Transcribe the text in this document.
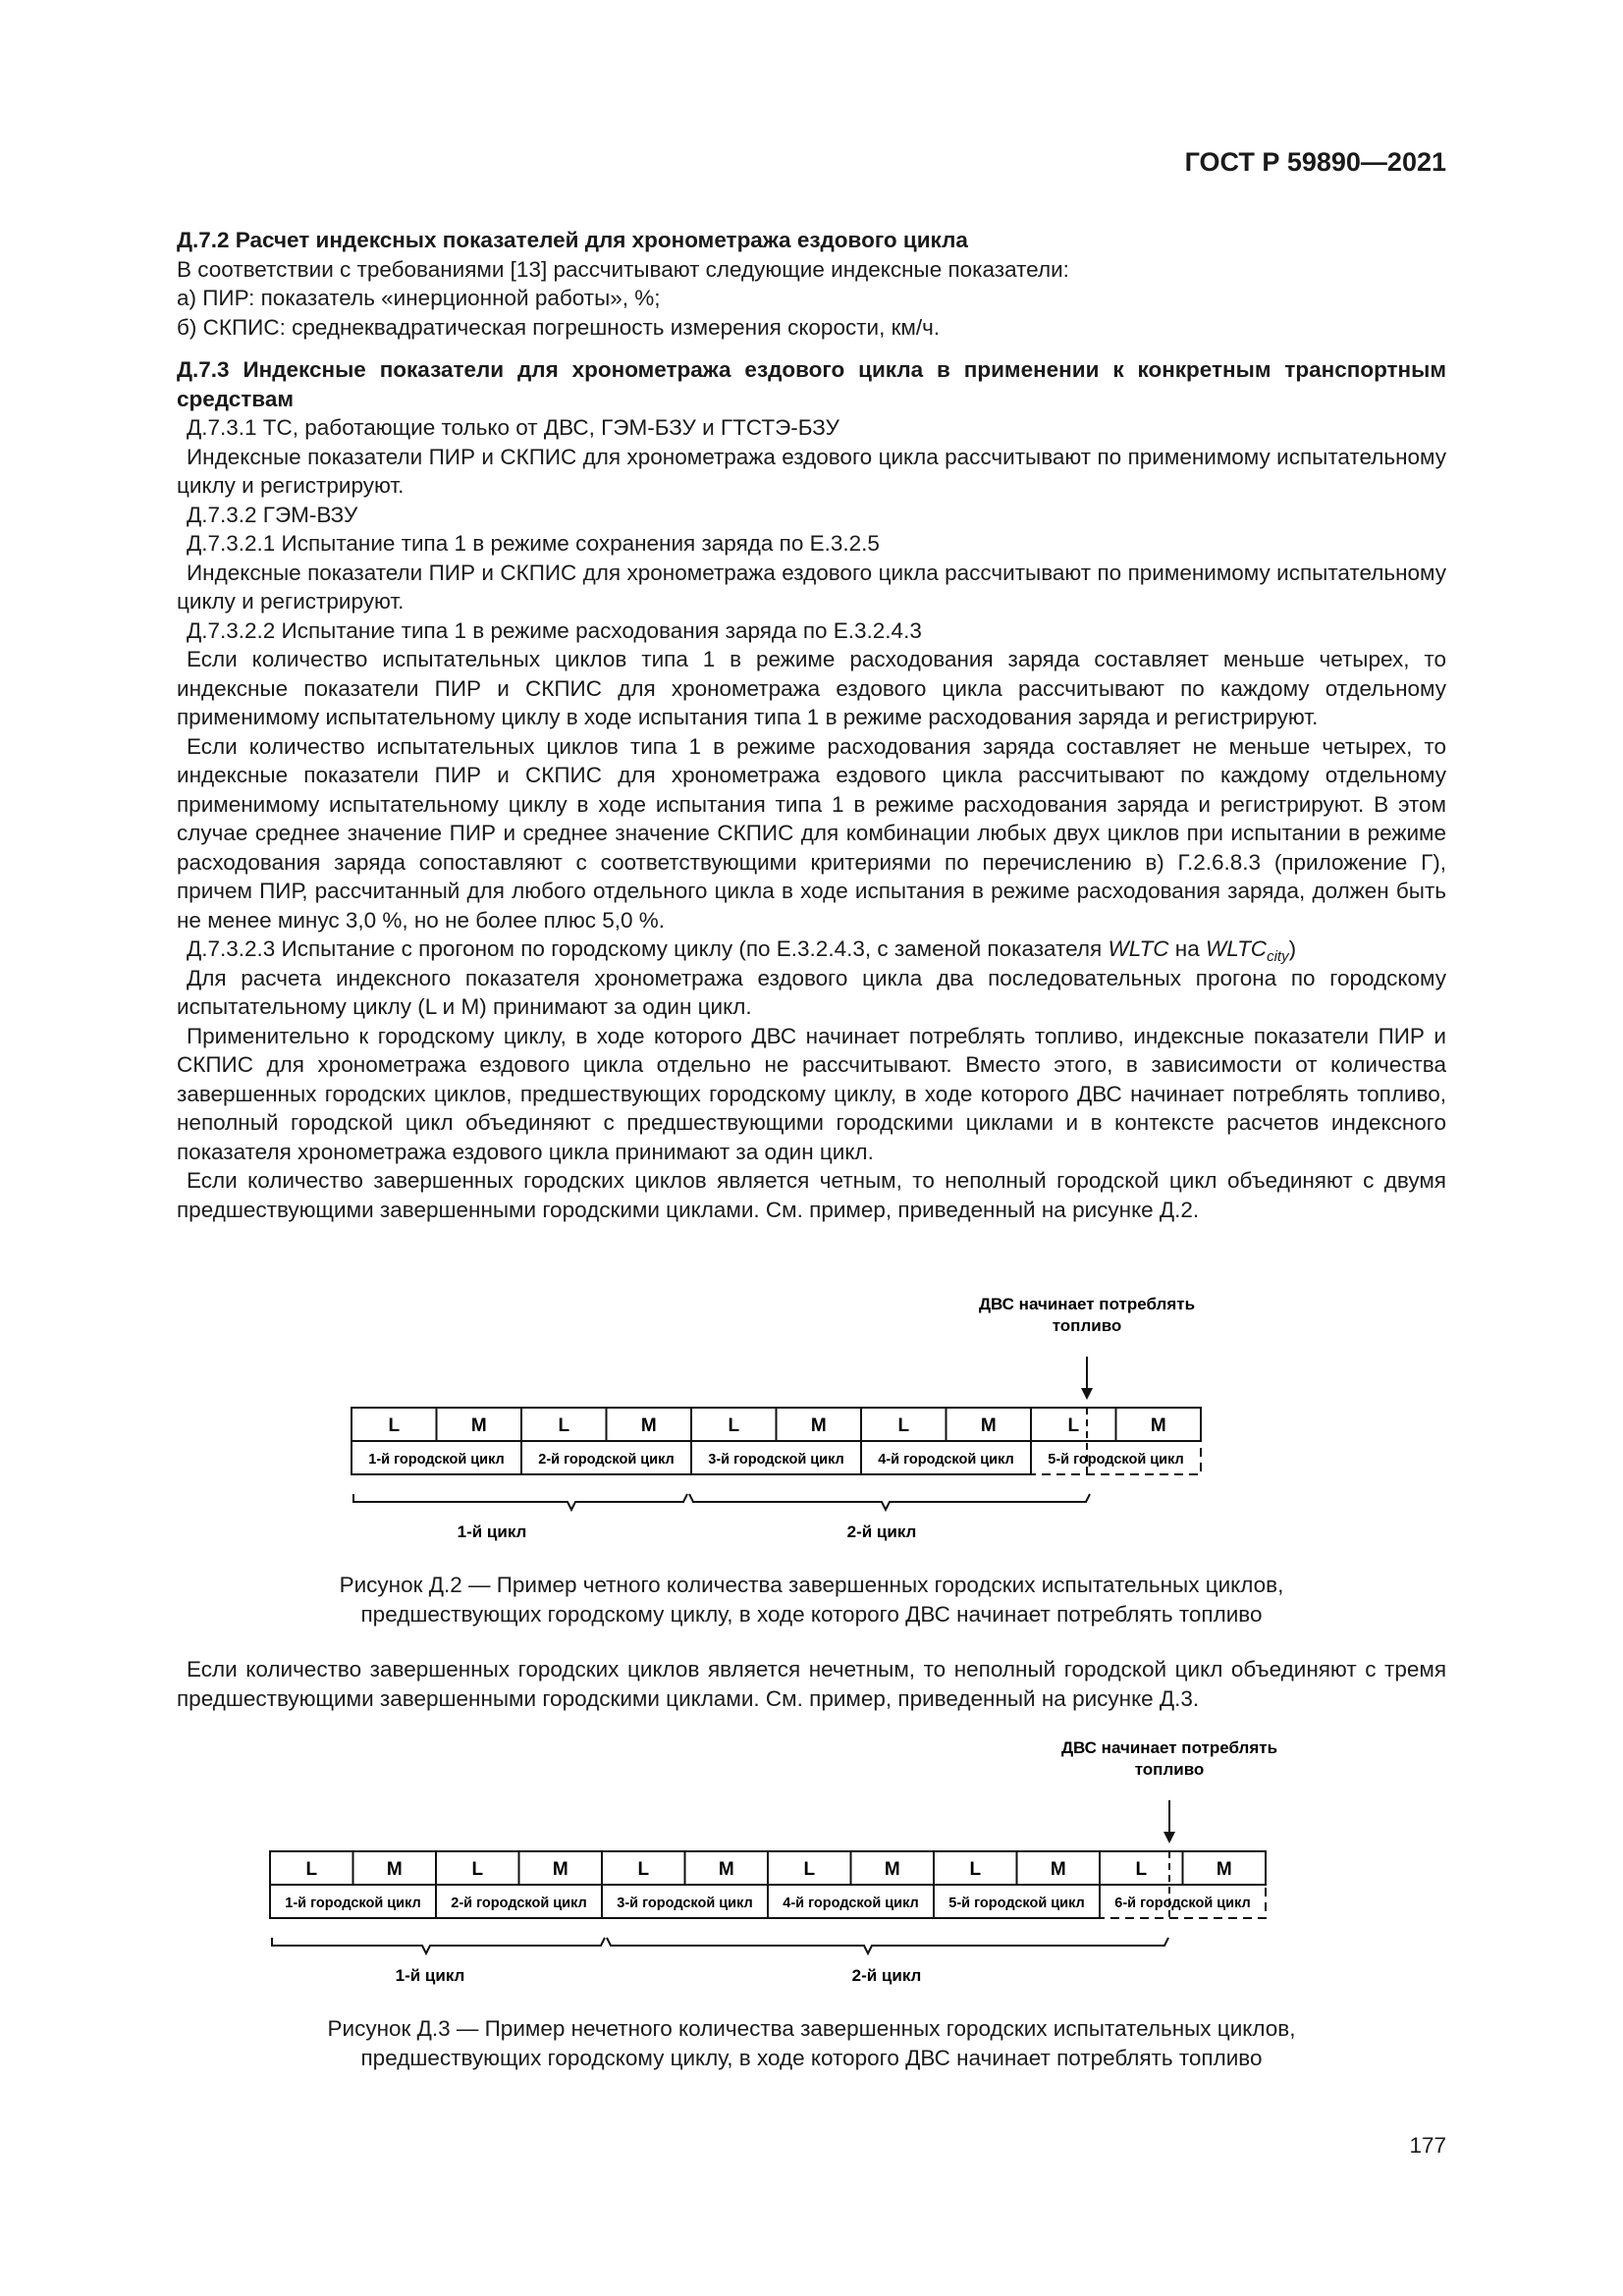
ГОСТ Р 59890—2021

Д.7.2 Расчет индексных показателей для хронометража ездового цикла

В соответствии с требованиями [13] рассчитывают следующие индексные показатели:

а) ПИР: показатель «инерционной работы», %;

б) СКПИС: среднеквадратическая погрешность измерения скорости, км/ч.

Д.7.3 Индексные показатели для хронометража ездового цикла в применении к конкретным транспортным средствам

Д.7.3.1 ТС, работающие только от ДВС, ГЭМ-БЗУ и ГТСТЭ-БЗУ

Индексные показатели ПИР и СКПИС для хронометража ездового цикла рассчитывают по применимому испытательному циклу и регистрируют.

Д.7.3.2 ГЭМ-ВЗУ

Д.7.3.2.1 Испытание типа 1 в режиме сохранения заряда по Е.3.2.5

Индексные показатели ПИР и СКПИС для хронометража ездового цикла рассчитывают по применимому испытательному циклу и регистрируют.

Д.7.3.2.2 Испытание типа 1 в режиме расходования заряда по Е.3.2.4.3

Если количество испытательных циклов типа 1 в режиме расходования заряда составляет меньше четырех, то индексные показатели ПИР и СКПИС для хронометража ездового цикла рассчитывают по каждому отдельному применимому испытательному циклу в ходе испытания типа 1 в режиме расходования заряда и регистрируют.

Если количество испытательных циклов типа 1 в режиме расходования заряда составляет не меньше четырех, то индексные показатели ПИР и СКПИС для хронометража ездового цикла рассчитывают по каждому отдельному применимому испытательному циклу в ходе испытания типа 1 в режиме расходования заряда и регистрируют. В этом случае среднее значение ПИР и среднее значение СКПИС для комбинации любых двух циклов при испытании в режиме расходования заряда сопоставляют с соответствующими критериями по перечислению в) Г.2.6.8.3 (приложение Г), причем ПИР, рассчитанный для любого отдельного цикла в ходе испытания в режиме расходования заряда, должен быть не менее минус 3,0 %, но не более плюс 5,0 %.

Д.7.3.2.3 Испытание с прогоном по городскому циклу (по Е.3.2.4.3, с заменой показателя WLTC на $WLTC_{city}$)

Для расчета индексного показателя хронометража ездового цикла два последовательных прогона по городскому испытательному циклу (L и M) принимают за один цикл.

Применительно к городскому циклу, в ходе которого ДВС начинает потреблять топливо, индексные показатели ПИР и СКПИС для хронометража ездового цикла отдельно не рассчитывают. Вместо этого, в зависимости от количества завершенных городских циклов, предшествующих городскому циклу, в ходе которого ДВС начинает потреблять топливо, неполный городской цикл объединяют с предшествующими городскими циклами и в контексте расчетов индексного показателя хронометража ездового цикла принимают за один цикл.

Если количество завершенных городских циклов является четным, то неполный городской цикл объединяют с двумя предшествующими завершенными городскими циклами. См. пример, приведенный на рисунке Д.2.

ДВС начинает потреблять
топливо
L	M	L	M	L	M	L	M	L	M
1-й городской цикл 2-й городской цикл 3-й городской цикл 4-й городской цикл 5-й городской цикл
1-й цикл	2-й цикл
Рисунок Д.2 — Пример четного количества завершенных городских испытательных циклов,
предшествующих городскому циклу, в ходе которого ДВС начинает потреблять топливо

Если количество завершенных городских циклов является нечетным, то неполный городской цикл объединяют с тремя предшествующими завершенными городскими циклами. См. пример, приведенный на рисунке Д.3.

ДВС начинает потреблять
топливо
L	M	L	M	L	M	L	M	L	M	L	M
1-й городской цикл 2-й городской цикл 3-й городской цикл 4-й городской цикл 5-й городской цикл 6-й городской цикл
1-й цикл	2-й цикл
Рисунок Д.3 — Пример нечетного количества завершенных городских испытательных циклов,
предшествующих городскому циклу, в ходе которого ДВС начинает потреблять топливо
177
